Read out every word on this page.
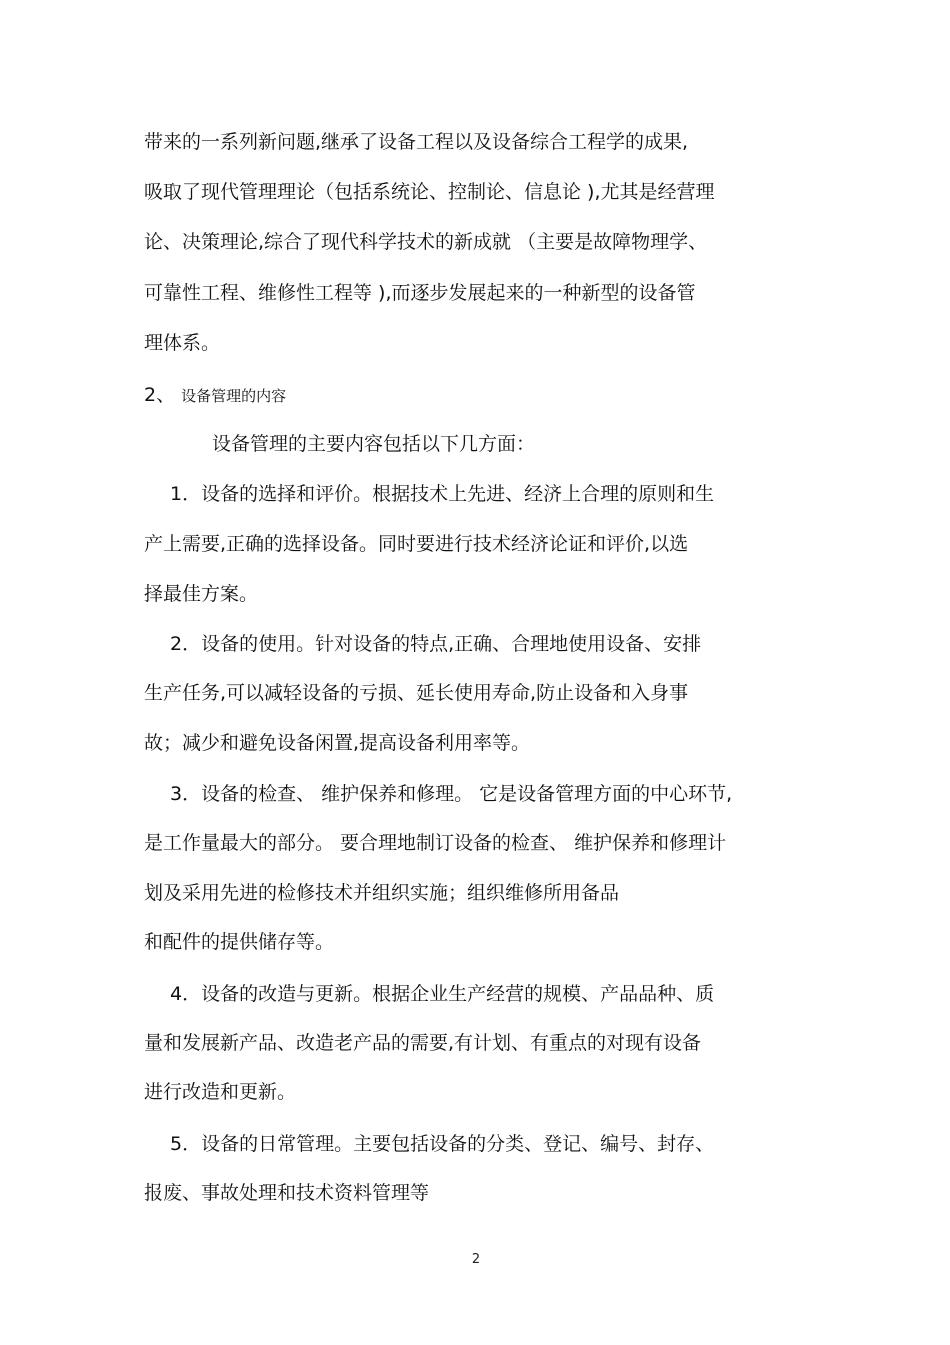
带来的一系列新问题,继承了设备工程以及设备综合工程学的成果,

吸取了现代管理理论（包括系统论、控制论、信息论 ),尤其是经营理

论、决策理论,综合了现代科学技术的新成就 （主要是故障物理学、

可靠性工程、维修性工程等 ),而逐步发展起来的一种新型的设备管

理体系。

2、 设备管理的内容

设备管理的主要内容包括以下几方面：

1．设备的选择和评价。根据技术上先进、经济上合理的原则和生

产上需要,正确的选择设备。同时要进行技术经济论证和评价,以选

择最佳方案。

2．设备的使用。针对设备的特点,正确、合理地使用设备、安排

生产任务,可以减轻设备的亏损、延长使用寿命,防止设备和入身事

故；减少和避免设备闲置,提高设备利用率等。

3．设备的检查、 维护保养和修理。 它是设备管理方面的中心环节,

是工作量最大的部分。 要合理地制订设备的检查、 维护保养和修理计

划及采用先进的检修技术并组织实施；组织维修所用备品

和配件的提供储存等。

4．设备的改造与更新。根据企业生产经营的规模、产品品种、质

量和发展新产品、改造老产品的需要,有计划、有重点的对现有设备

进行改造和更新。

5．设备的日常管理。主要包括设备的分类、登记、编号、封存、

报废、事故处理和技术资料管理等

2
